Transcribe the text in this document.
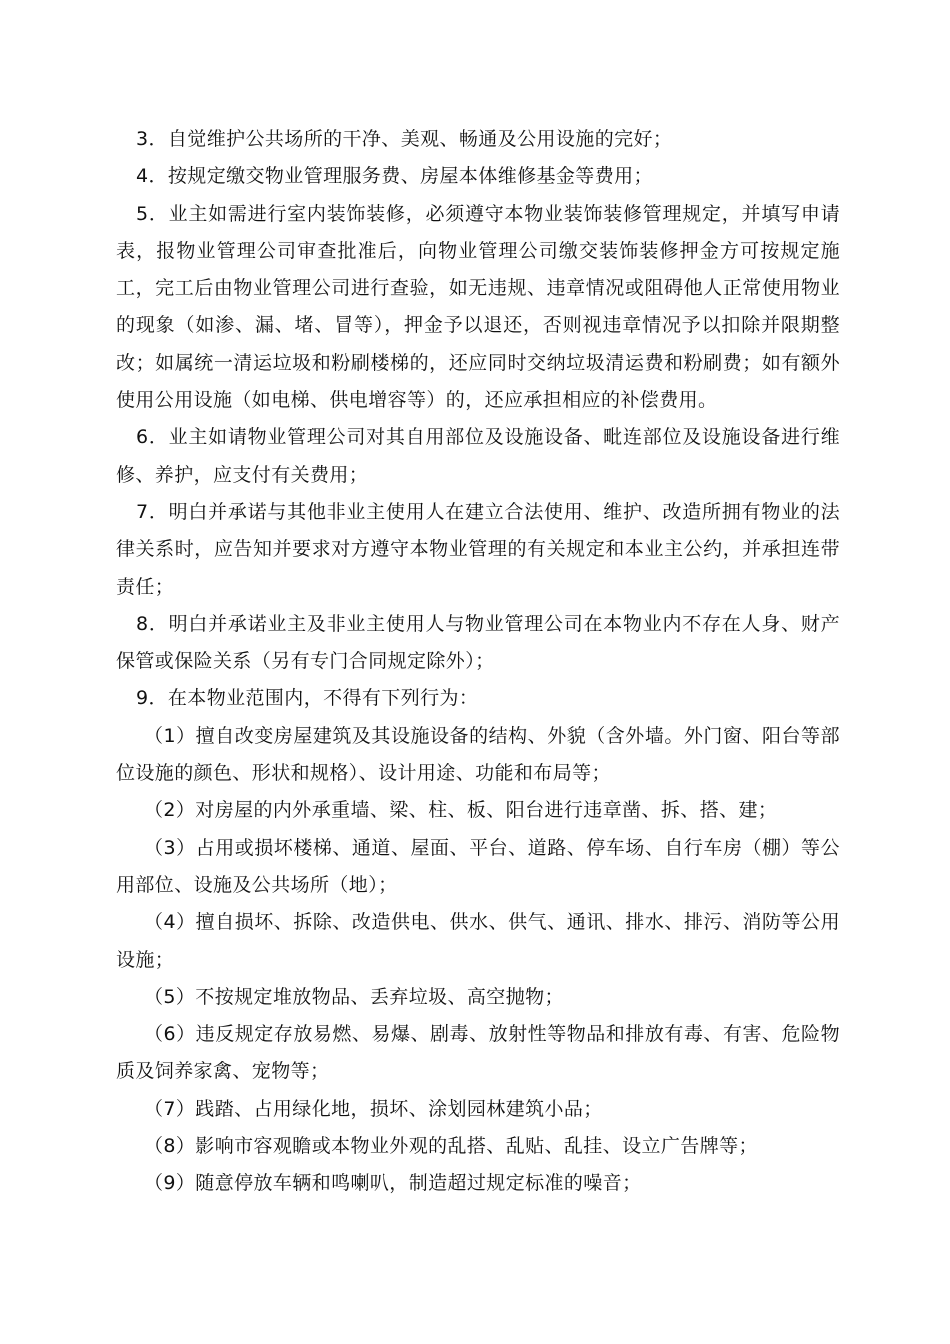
3．自觉维护公共场所的干净、美观、畅通及公用设施的完好；

4．按规定缴交物业管理服务费、房屋本体维修基金等费用；

5．业主如需进行室内装饰装修，必须遵守本物业装饰装修管理规定，并填写申请表，报物业管理公司审查批准后，向物业管理公司缴交装饰装修押金方可按规定施工，完工后由物业管理公司进行查验，如无违规、违章情况或阻碍他人正常使用物业的现象（如渗、漏、堵、冒等），押金予以退还，否则视违章情况予以扣除并限期整改；如属统一清运垃圾和粉刷楼梯的，还应同时交纳垃圾清运费和粉刷费；如有额外使用公用设施（如电梯、供电增容等）的，还应承担相应的补偿费用。

6．业主如请物业管理公司对其自用部位及设施设备、毗连部位及设施设备进行维修、养护，应支付有关费用；

7．明白并承诺与其他非业主使用人在建立合法使用、维护、改造所拥有物业的法律关系时，应告知并要求对方遵守本物业管理的有关规定和本业主公约，并承担连带责任；

8．明白并承诺业主及非业主使用人与物业管理公司在本物业内不存在人身、财产保管或保险关系（另有专门合同规定除外）；

9．在本物业范围内，不得有下列行为：

（1）擅自改变房屋建筑及其设施设备的结构、外貌（含外墙。外门窗、阳台等部位设施的颜色、形状和规格）、设计用途、功能和布局等；

（2）对房屋的内外承重墙、梁、柱、板、阳台进行违章凿、拆、搭、建；

（3）占用或损坏楼梯、通道、屋面、平台、道路、停车场、自行车房（棚）等公用部位、设施及公共场所（地）；

（4）擅自损坏、拆除、改造供电、供水、供气、通讯、排水、排污、消防等公用设施；

（5）不按规定堆放物品、丢弃垃圾、高空抛物；

（6）违反规定存放易燃、易爆、剧毒、放射性等物品和排放有毒、有害、危险物质及饲养家禽、宠物等；

（7）践踏、占用绿化地，损坏、涂划园林建筑小品；

（8）影响市容观瞻或本物业外观的乱搭、乱贴、乱挂、设立广告牌等；

（9）随意停放车辆和鸣喇叭，制造超过规定标准的噪音；
